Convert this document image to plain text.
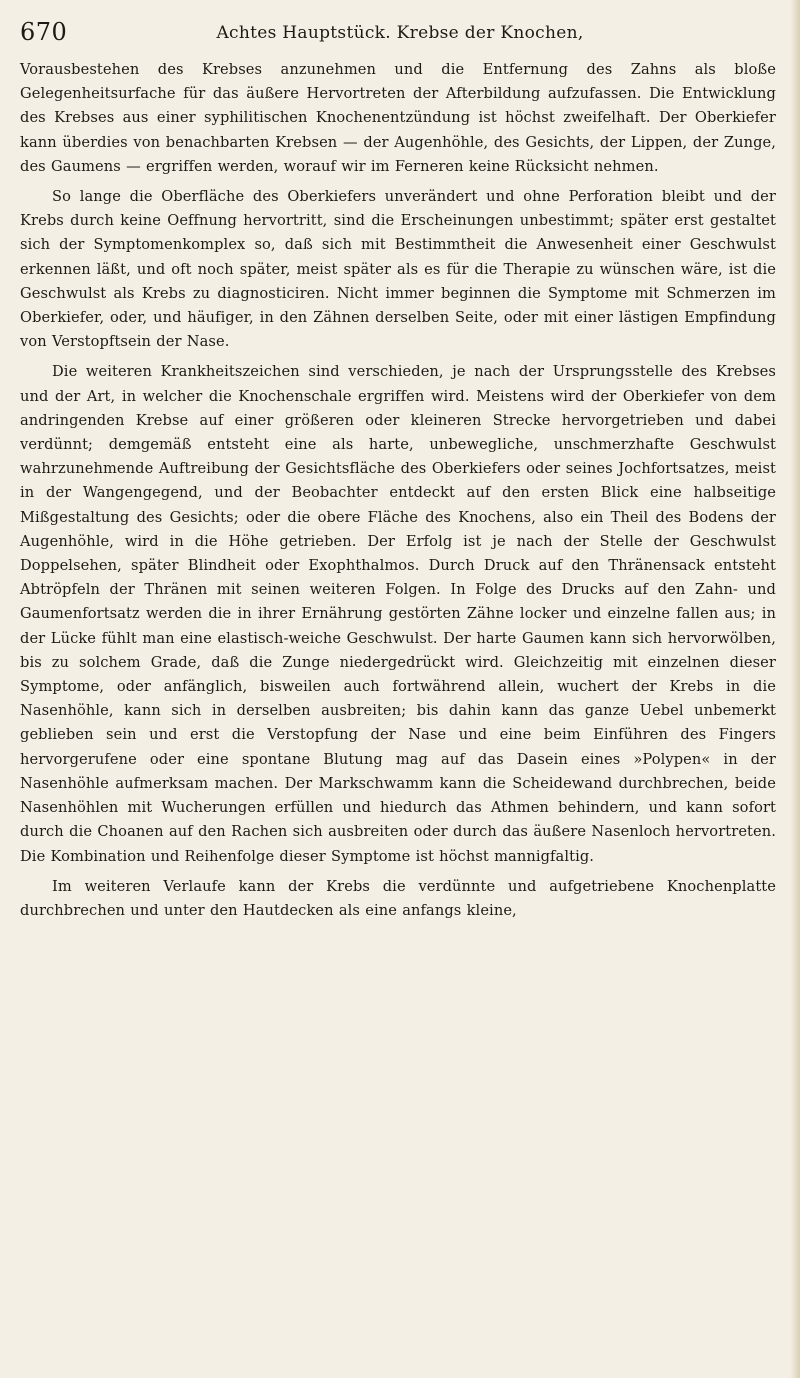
670	Achtes Hauptstück. Krebse der Knochen,

Vorausbestehen des Krebses anzunehmen und die Entfernung des Zahns als bloße Gelegenheitsurfache für das äußere Hervortreten der Afterbildung aufzufassen. Die Entwicklung des Krebses aus einer syphilitischen Knochenentzündung ist höchst zweifelhaft. Der Oberkiefer kann überdies von benachbarten Krebsen — der Augenhöhle, des Gesichts, der Lippen, der Zunge, des Gaumens — ergriffen werden, worauf wir im Ferneren keine Rücksicht nehmen.

So lange die Oberfläche des Oberkiefers unverändert und ohne Perforation bleibt und der Krebs durch keine Oeffnung hervortritt, sind die Erscheinungen unbestimmt; später erst gestaltet sich der Symptomenkomplex so, daß sich mit Bestimmtheit die Anwesenheit einer Geschwulst erkennen läßt, und oft noch später, meist später als es für die Therapie zu wünschen wäre, ist die Geschwulst als Krebs zu diagnosticiren. Nicht immer beginnen die Symptome mit Schmerzen im Oberkiefer, oder, und häufiger, in den Zähnen derselben Seite, oder mit einer lästigen Empfindung von Verstopftsein der Nase.

Die weiteren Krankheitszeichen sind verschieden, je nach der Ursprungsstelle des Krebses und der Art, in welcher die Knochenschale ergriffen wird. Meistens wird der Oberkiefer von dem andringenden Krebse auf einer größeren oder kleineren Strecke hervorgetrieben und dabei verdünnt; demgemäß entsteht eine als harte, unbewegliche, unschmerzhafte Geschwulst wahrzunehmende Auftreibung der Gesichtsfläche des Oberkiefers oder seines Jochfortsatzes, meist in der Wangengegend, und der Beobachter entdeckt auf den ersten Blick eine halbseitige Mißgestaltung des Gesichts; oder die obere Fläche des Knochens, also ein Theil des Bodens der Augenhöhle, wird in die Höhe getrieben. Der Erfolg ist je nach der Stelle der Geschwulst Doppelsehen, später Blindheit oder Exophthalmos. Durch Druck auf den Thränensack entsteht Abtröpfeln der Thränen mit seinen weiteren Folgen. In Folge des Drucks auf den Zahn- und Gaumenfortsatz werden die in ihrer Ernährung gestörten Zähne locker und einzelne fallen aus; in der Lücke fühlt man eine elastisch-weiche Geschwulst. Der harte Gaumen kann sich hervorwölben, bis zu solchem Grade, daß die Zunge niedergedrückt wird. Gleichzeitig mit einzelnen dieser Symptome, oder anfänglich, bisweilen auch fortwährend allein, wuchert der Krebs in die Nasenhöhle, kann sich in derselben ausbreiten; bis dahin kann das ganze Uebel unbemerkt geblieben sein und erst die Verstopfung der Nase und eine beim Einführen des Fingers hervorgerufene oder eine spontane Blutung mag auf das Dasein eines »Polypen« in der Nasenhöhle aufmerksam machen. Der Markschwamm kann die Scheidewand durchbrechen, beide Nasenhöhlen mit Wucherungen erfüllen und hiedurch das Athmen behindern, und kann sofort durch die Choanen auf den Rachen sich ausbreiten oder durch das äußere Nasenloch hervortreten. Die Kombination und Reihenfolge dieser Symptome ist höchst mannigfaltig.

Im weiteren Verlaufe kann der Krebs die verdünnte und aufgetriebene Knochenplatte durchbrechen und unter den Hautdecken als eine anfangs kleine,
